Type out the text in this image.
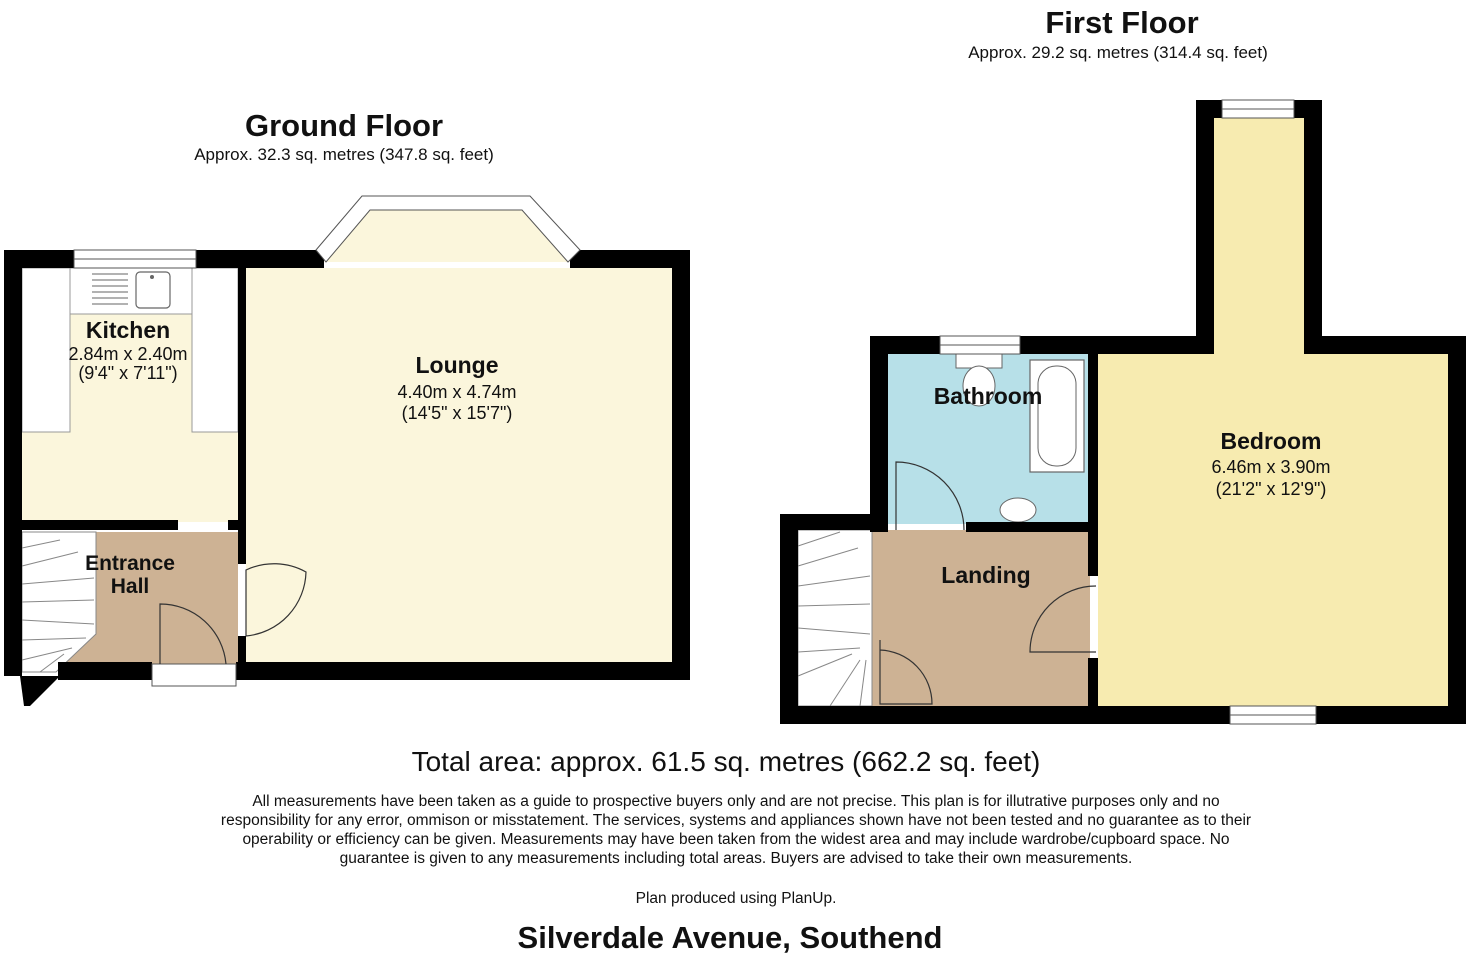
Ground Floor
Approx. 32.3 sq. metres (347.8 sq. feet)
First Floor
Approx. 29.2 sq. metres (314.4 sq. feet)
Kitchen
2.84m x 2.40m
(9'4" x 7'11")	Lounge
4.40m x 4.74m
(14'5" x 15'7")
Entrance
Hall
Bathroom
Bedroom
6.46m x 3.90m
(21'2" x 12'9")
Landing
Total area: approx. 61.5 sq. metres (662.2 sq. feet)
All measurements have been taken as a guide to prospective buyers only and are not precise. This plan is for illutrative purposes only and no responsibility for any error, ommison or misstatement. The services, systems and appliances shown have not been tested and no guarantee as to their operability or efficiency can be given. Measurements may have been taken from the widest area and may include wardrobe/cupboard space. No guarantee is given to any measurements including total areas. Buyers are advised to take their own measurements.
Plan produced using PlanUp.
Silverdale Avenue, Southend
